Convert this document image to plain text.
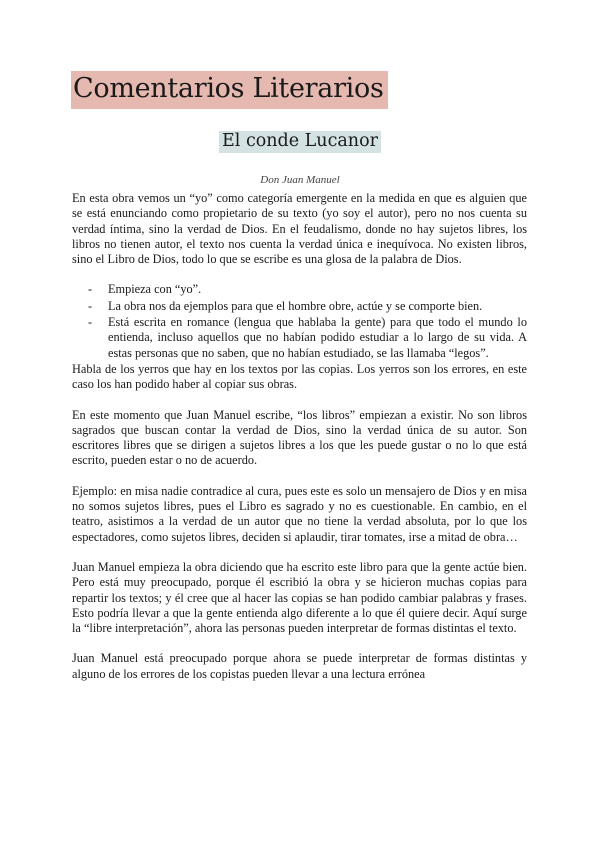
Comentarios Literarios
El conde Lucanor
Don Juan Manuel

En esta obra vemos un “yo” como categoría emergente en la medida en que es alguien que se está enunciando como propietario de su texto (yo soy el autor), pero no nos cuenta su verdad íntima, sino la verdad de Dios. En el feudalismo, donde no hay sujetos libres, los libros no tienen autor, el texto nos cuenta la verdad única e inequívoca. No existen libros, sino el Libro de Dios, todo lo que se escribe es una glosa de la palabra de Dios.

- Empieza con “yo”.
- La obra nos da ejemplos para que el hombre obre, actúe y se comporte bien.
- Está escrita en romance (lengua que hablaba la gente) para que todo el mundo lo entienda, incluso aquellos que no habían podido estudiar a lo largo de su vida. A estas personas que no saben, que no habían estudiado, se las llamaba “legos”.

Habla de los yerros que hay en los textos por las copias. Los yerros son los errores, en este caso los han podido haber al copiar sus obras.

En este momento que Juan Manuel escribe, “los libros” empiezan a existir. No son libros sagrados que buscan contar la verdad de Dios, sino la verdad única de su autor. Son escritores libres que se dirigen a sujetos libres a los que les puede gustar o no lo que está escrito, pueden estar o no de acuerdo.

Ejemplo: en misa nadie contradice al cura, pues este es solo un mensajero de Dios y en misa no somos sujetos libres, pues el Libro es sagrado y no es cuestionable. En cambio, en el teatro, asistimos a la verdad de un autor que no tiene la verdad absoluta, por lo que los espectadores, como sujetos libres, deciden si aplaudir, tirar tomates, irse a mitad de obra…

Juan Manuel empieza la obra diciendo que ha escrito este libro para que la gente actúe bien. Pero está muy preocupado, porque él escribió la obra y se hicieron muchas copias para repartir los textos; y él cree que al hacer las copias se han podido cambiar palabras y frases. Esto podría llevar a que la gente entienda algo diferente a lo que él quiere decir. Aquí surge la “libre interpretación”, ahora las personas pueden interpretar de formas distintas el texto.

Juan Manuel está preocupado porque ahora se puede interpretar de formas distintas y alguno de los errores de los copistas pueden llevar a una lectura errónea
